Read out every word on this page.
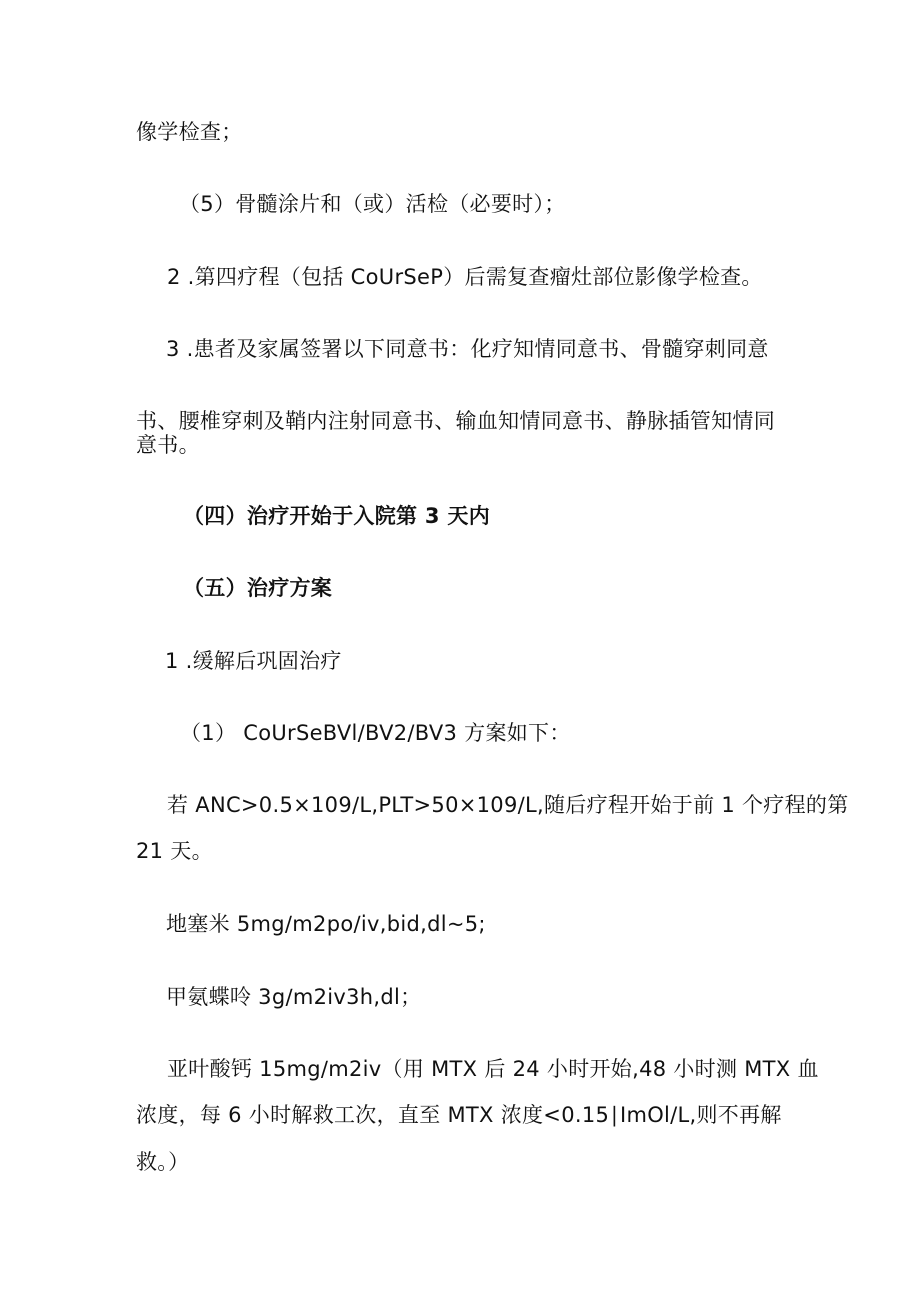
像学检查；
（5）骨髓涂片和（或）活检（必要时）；
2 .第四疗程（包括 CoUrSeP）后需复查瘤灶部位影像学检查。
3 .患者及家属签署以下同意书：化疗知情同意书、骨髓穿刺同意
书、腰椎穿刺及鞘内注射同意书、输血知情同意书、静脉插管知情同
意书。
（四）治疗开始于入院第 3 天内
（五）治疗方案
1 .缓解后巩固治疗
（1） CoUrSeBVl/BV2/BV3 方案如下：
若 ANC>0.5×109∕L,PLT>50×109∕L,随后疗程开始于前 1 个疗程的第
21 天。
地塞米 5mg∕m2po∕iv,bid,dl~5;
甲氨蝶呤 3g∕m2iv3h,dl；
亚叶酸钙 15mg∕m2iv（用 MTX 后 24 小时开始,48 小时测 MTX 血
浓度，每 6 小时解救工次，直至 MTX 浓度<0.15∣ImOl/L,则不再解
救。）
